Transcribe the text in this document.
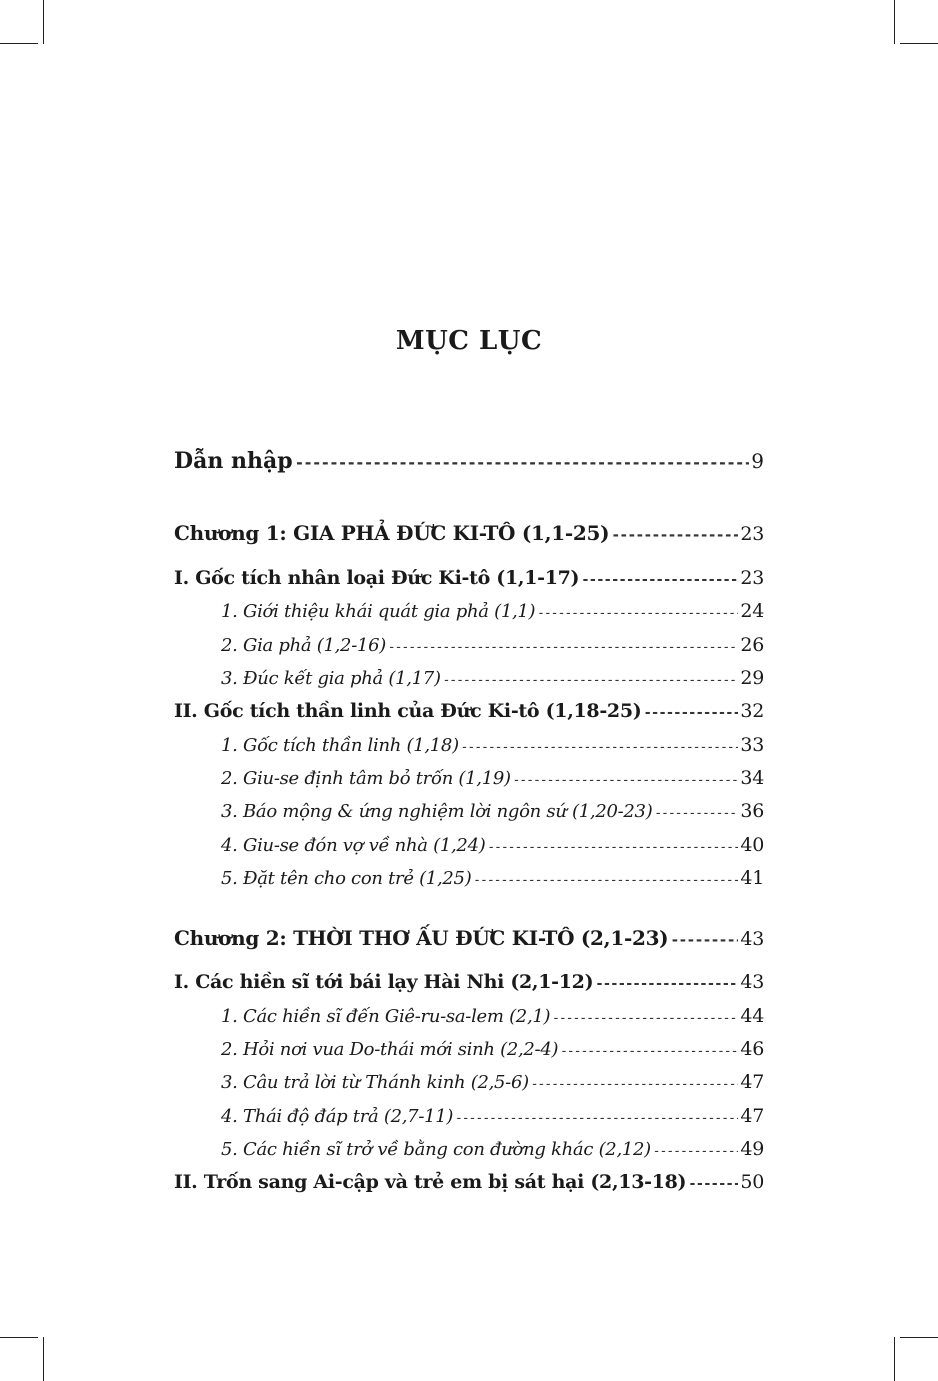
MỤC LỤC
Dẫn nhập -----	9
Chương 1: GIA PHẢ ĐỨC KI-TÔ (1,1-25) -----	23
I. Gốc tích nhân loại Đức Ki-tô (1,1-17) -----	23
1. Giới thiệu khái quát gia phả (1,1) -----	24
2. Gia phả (1,2-16) -----	26
3. Đúc kết gia phả (1,17) -----	29
II. Gốc tích thần linh của Đức Ki-tô (1,18-25) -----	32
1. Gốc tích thần linh (1,18) -----	33
2. Giu-se định tâm bỏ trốn (1,19) -----	34
3. Báo mộng & ứng nghiệm lời ngôn sứ (1,20-23) -----	36
4. Giu-se đón vợ về nhà (1,24) -----	40
5. Đặt tên cho con trẻ (1,25) -----	41
Chương 2: THỜI THƠ ẤU ĐỨC KI-TÔ (2,1-23) -----	43
I. Các hiền sĩ tới bái lạy Hài Nhi (2,1-12) -----	43
1. Các hiền sĩ đến Giê-ru-sa-lem (2,1) -----	44
2. Hỏi nơi vua Do-thái mới sinh (2,2-4) -----	46
3. Câu trả lời từ Thánh kinh (2,5-6) -----	47
4. Thái độ đáp trả (2,7-11) -----	47
5. Các hiền sĩ trở về bằng con đường khác (2,12) -----	49
II. Trốn sang Ai-cập và trẻ em bị sát hại (2,13-18) -----	50
